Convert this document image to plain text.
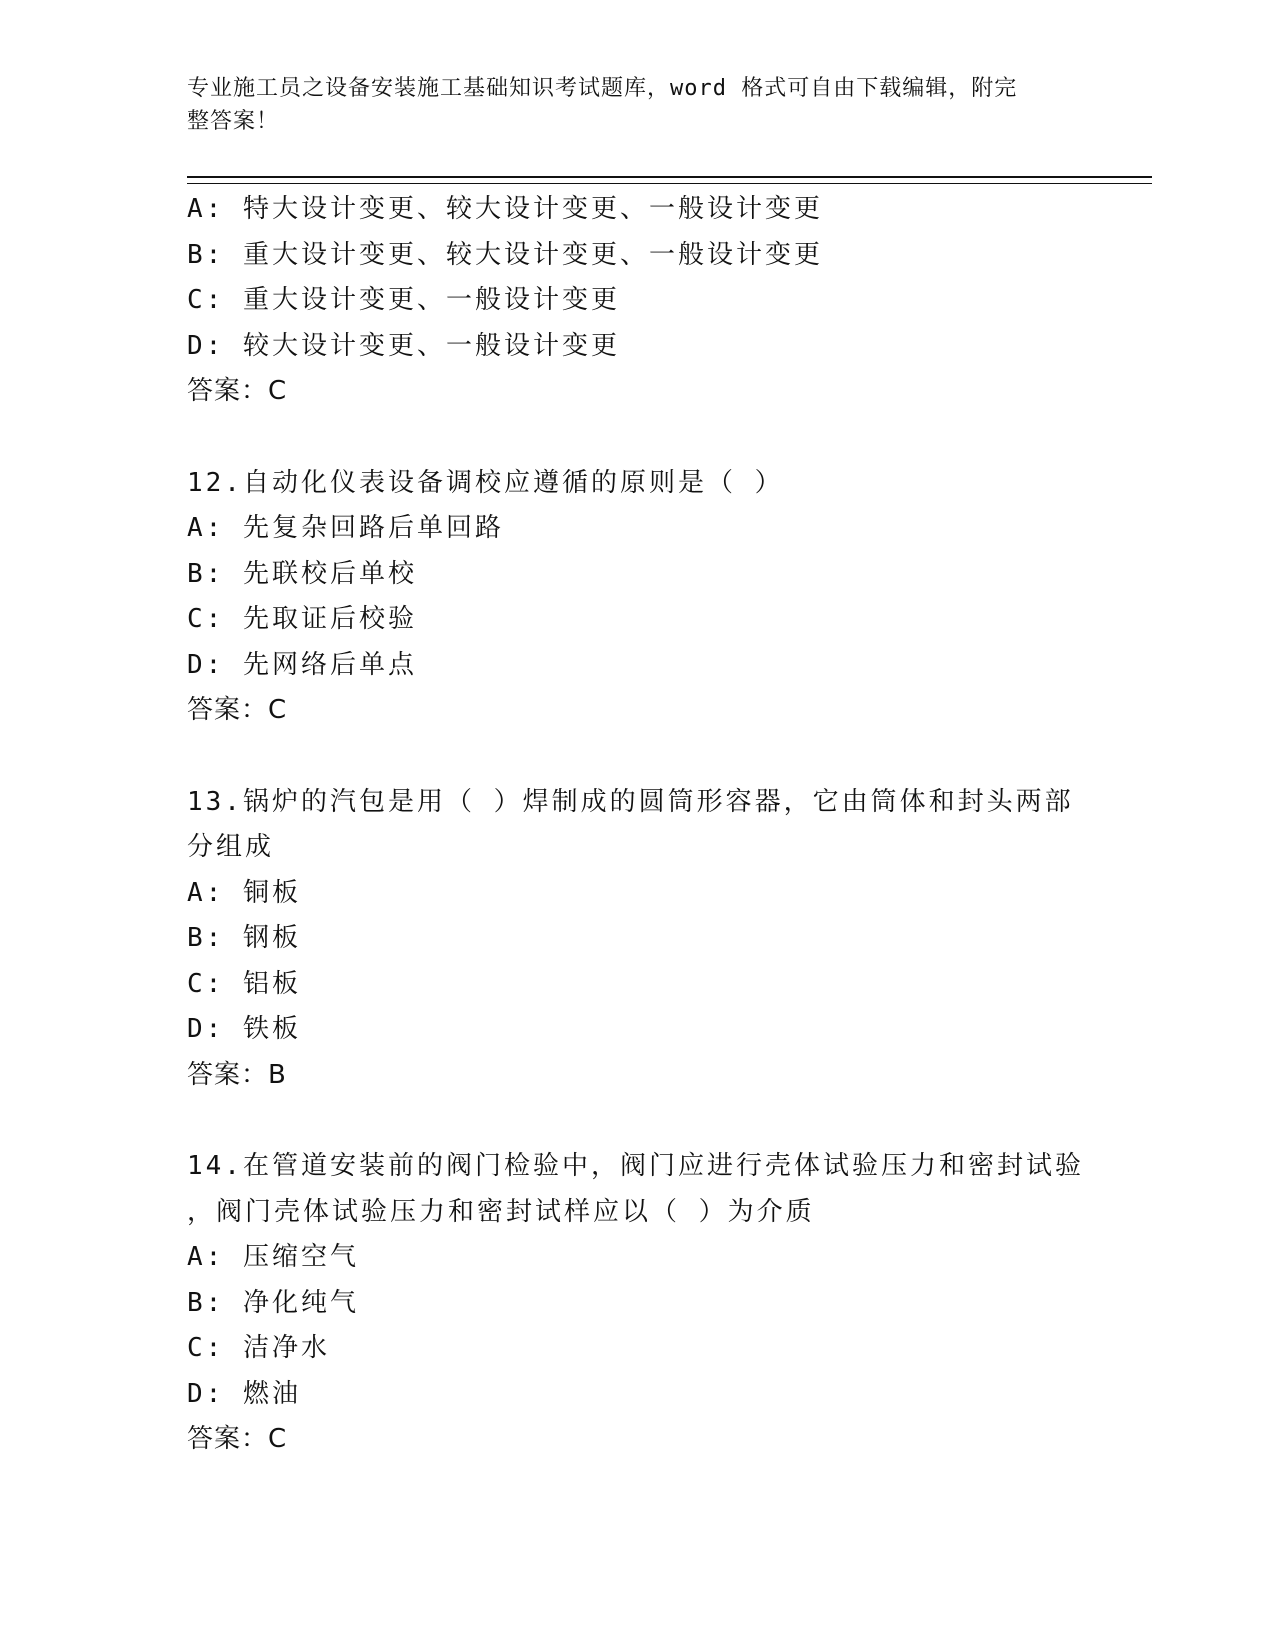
专业施工员之设备安装施工基础知识考试题库，word 格式可自由下载编辑，附完
整答案！
A: 特大设计变更、较大设计变更、一般设计变更
B: 重大设计变更、较大设计变更、一般设计变更
C: 重大设计变更、一般设计变更
D: 较大设计变更、一般设计变更
答案：C
12.自动化仪表设备调校应遵循的原则是（ ）
A: 先复杂回路后单回路
B: 先联校后单校
C: 先取证后校验
D: 先网络后单点
答案：C
13.锅炉的汽包是用（ ）焊制成的圆筒形容器，它由筒体和封头两部
分组成
A: 铜板
B: 钢板
C: 铝板
D: 铁板
答案：B
14.在管道安装前的阀门检验中，阀门应进行壳体试验压力和密封试验
，阀门壳体试验压力和密封试样应以（ ）为介质
A: 压缩空气
B: 净化纯气
C: 洁净水
D: 燃油
答案：C
